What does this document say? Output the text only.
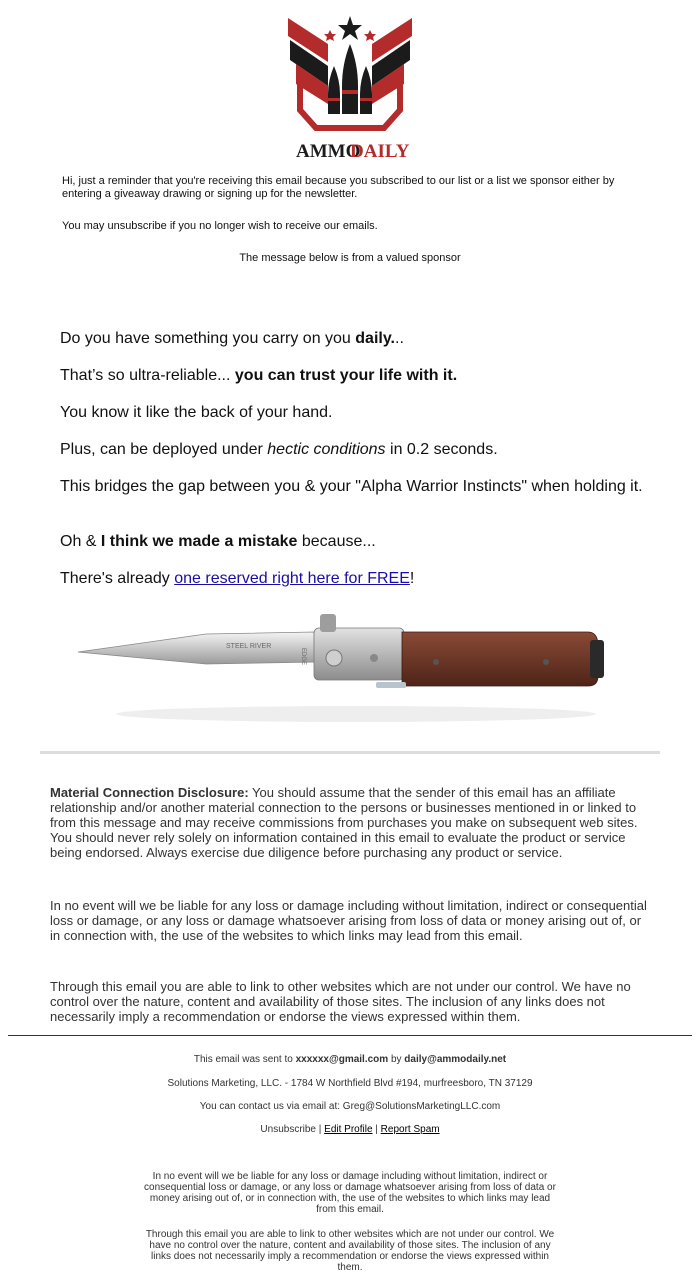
AMMO
DAILY
Hi, just a reminder that you're receiving this email because you subscribed to our list or a list we sponsor either by entering a giveaway drawing or signing up for the newsletter.
You may unsubscribe if you no longer wish to receive our emails.
The message below is from a valued sponsor

Do you have something you carry on you daily...

That’s so ultra-reliable... you can trust your life with it.

You know it like the back of your hand.

Plus, can be deployed under hectic conditions in 0.2 seconds.

This bridges the gap between you & your "Alpha Warrior Instincts" when holding it.

Oh & I think we made a mistake because...

There's already one reserved right here for FREE!

STEEL RIVER
EDGE
Material Connection Disclosure: You should assume that the sender of this email has an affiliate relationship and/or another material connection to the persons or businesses mentioned in or linked to from this message and may receive commissions from purchases you make on subsequent web sites. You should never rely solely on information contained in this email to evaluate the product or service being endorsed. Always exercise due diligence before purchasing any product or service.
In no event will we be liable for any loss or damage including without limitation, indirect or consequential loss or damage, or any loss or damage whatsoever arising from loss of data or money arising out of, or in connection with, the use of the websites to which links may lead from this email.
Through this email you are able to link to other websites which are not under our control. We have no control over the nature, content and availability of those sites. The inclusion of any links does not necessarily imply a recommendation or endorse the views expressed within them.
This email was sent to xxxxxx@gmail.com by daily@ammodaily.net
Solutions Marketing, LLC. - 1784 W Northfield Blvd #194, murfreesboro, TN 37129
You can contact us via email at: Greg@SolutionsMarketingLLC.com
Unsubscribe | Edit Profile | Report Spam
In no event will we be liable for any loss or damage including without limitation, indirect or consequential loss or damage, or any loss or damage whatsoever arising from loss of data or money arising out of, or in connection with, the use of the websites to which links may lead from this email.
Through this email you are able to link to other websites which are not under our control. We have no control over the nature, content and availability of those sites. The inclusion of any links does not necessarily imply a recommendation or endorse the views expressed within them.
